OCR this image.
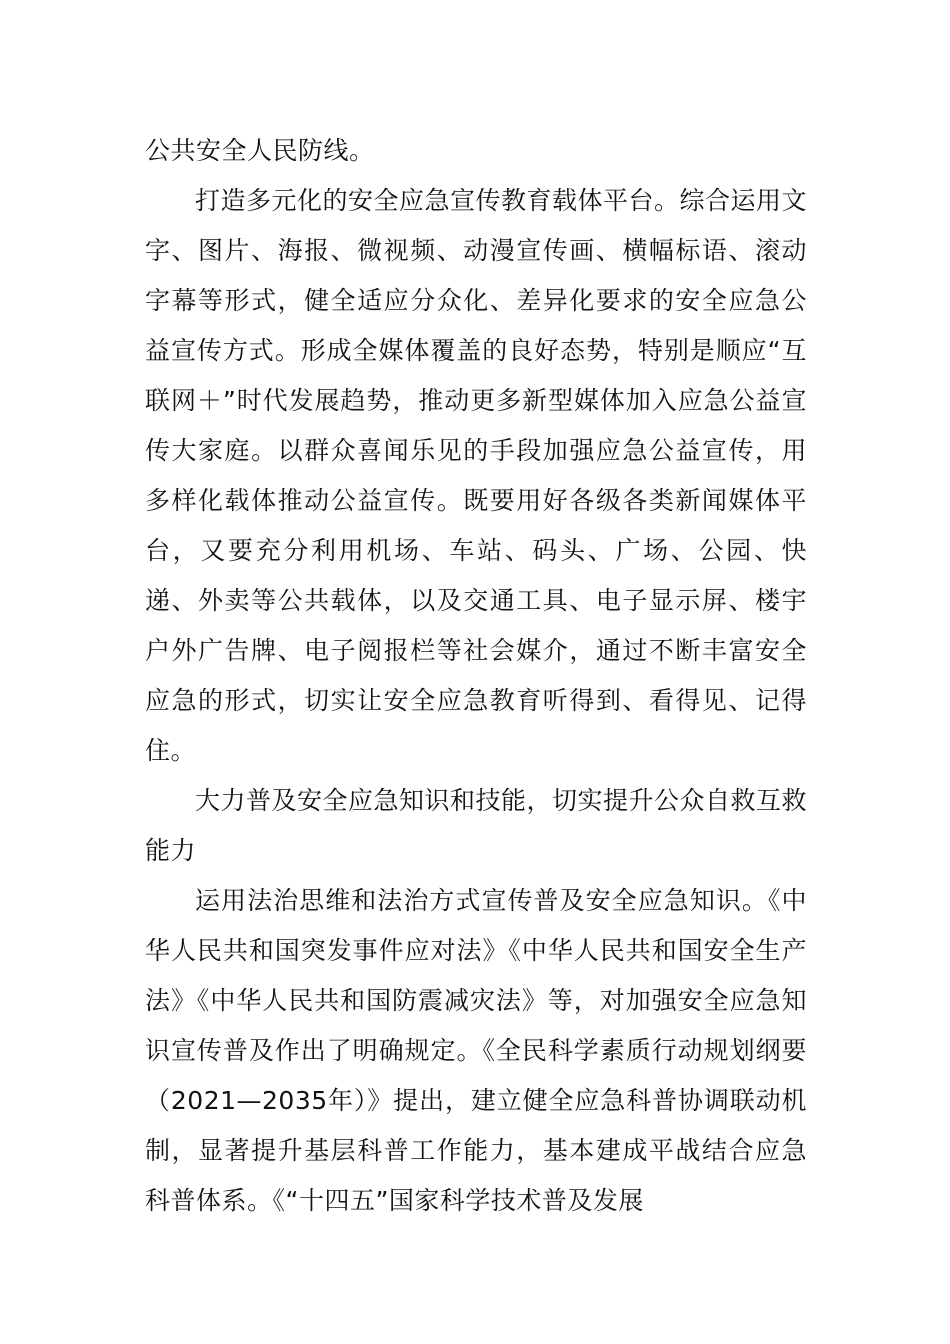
公共安全人民防线。

打造多元化的安全应急宣传教育载体平台。综合运用文字、图片、海报、微视频、动漫宣传画、横幅标语、滚动字幕等形式，健全适应分众化、差异化要求的安全应急公益宣传方式。形成全媒体覆盖的良好态势，特别是顺应“互联网＋”时代发展趋势，推动更多新型媒体加入应急公益宣传大家庭。以群众喜闻乐见的手段加强应急公益宣传，用多样化载体推动公益宣传。既要用好各级各类新闻媒体平台，又要充分利用机场、车站、码头、广场、公园、快递、外卖等公共载体，以及交通工具、电子显示屏、楼宇户外广告牌、电子阅报栏等社会媒介，通过不断丰富安全应急的形式，切实让安全应急教育听得到、看得见、记得住。

大力普及安全应急知识和技能，切实提升公众自救互救能力

运用法治思维和法治方式宣传普及安全应急知识。《中华人民共和国突发事件应对法》《中华人民共和国安全生产法》《中华人民共和国防震减灾法》等，对加强安全应急知识宣传普及作出了明确规定。《全民科学素质行动规划纲要（2021—2035年）》提出，建立健全应急科普协调联动机制，显著提升基层科普工作能力，基本建成平战结合应急科普体系。《“十四五”国家科学技术普及发展
